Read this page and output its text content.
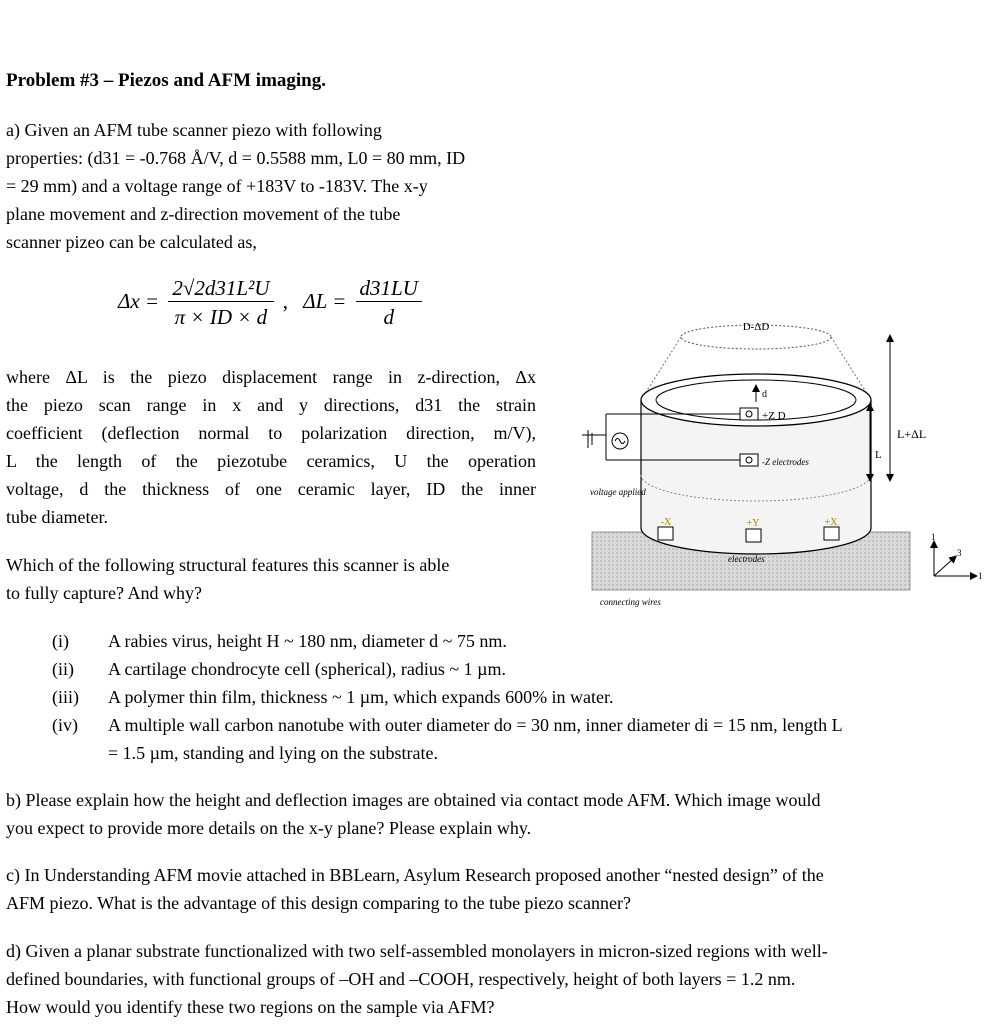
Problem #3 – Piezos and AFM imaging.
a) Given an AFM tube scanner piezo with following
properties: (d31 = -0.768 Å/V, d = 0.5588 mm, L0 = 80 mm, ID
= 29 mm) and a voltage range of +183V to -183V. The x-y
plane movement and z-direction movement of the tube
scanner pizeo can be calculated as,
$\Delta x = \frac{\text{2√2d31L²U}}{\pi \times ID \times d}$ , $\Delta L = \frac{d31LU}{d}$
where ΔL is the piezo displacement range in z-direction, Δx
the piezo scan range in x and y directions, d31 the strain
coefficient (deflection normal to polarization direction, m/V),
L the length of the piezotube ceramics, U the operation
voltage, d the thickness of one ceramic layer, ID the inner
tube diameter.
Which of the following structural features this scanner is able
to fully capture? And why?
(i)	A rabies virus, height H ~ 180 nm, diameter d ~ 75 nm.
(ii)	A cartilage chondrocyte cell (spherical), radius ~ 1 µm.
(iii)	A polymer thin film, thickness ~ 1 µm, which expands 600% in water.
(iv)	A multiple wall carbon nanotube with outer diameter do = 30 nm, inner diameter di = 15 nm, length L
= 1.5 µm, standing and lying on the substrate.
b) Please explain how the height and deflection images are obtained via contact mode AFM. Which image would
you expect to provide more details on the x-y plane? Please explain why.
c) In Understanding AFM movie attached in BBLearn, Asylum Research proposed another “nested design” of the
AFM piezo. What is the advantage of this design comparing to the tube piezo scanner?
d) Given a planar substrate functionalized with two self-assembled monolayers in micron-sized regions with well-
defined boundaries, with functional groups of –OH and –COOH, respectively, height of both layers = 1.2 nm.
How would you identify these two regions on the sample via AFM?
D-ΔD
d
+Z D
-Z electrodes
voltage applied
-X	+Y	+X
electrodes
connecting wires
L
L+ΔL
1
1
3
